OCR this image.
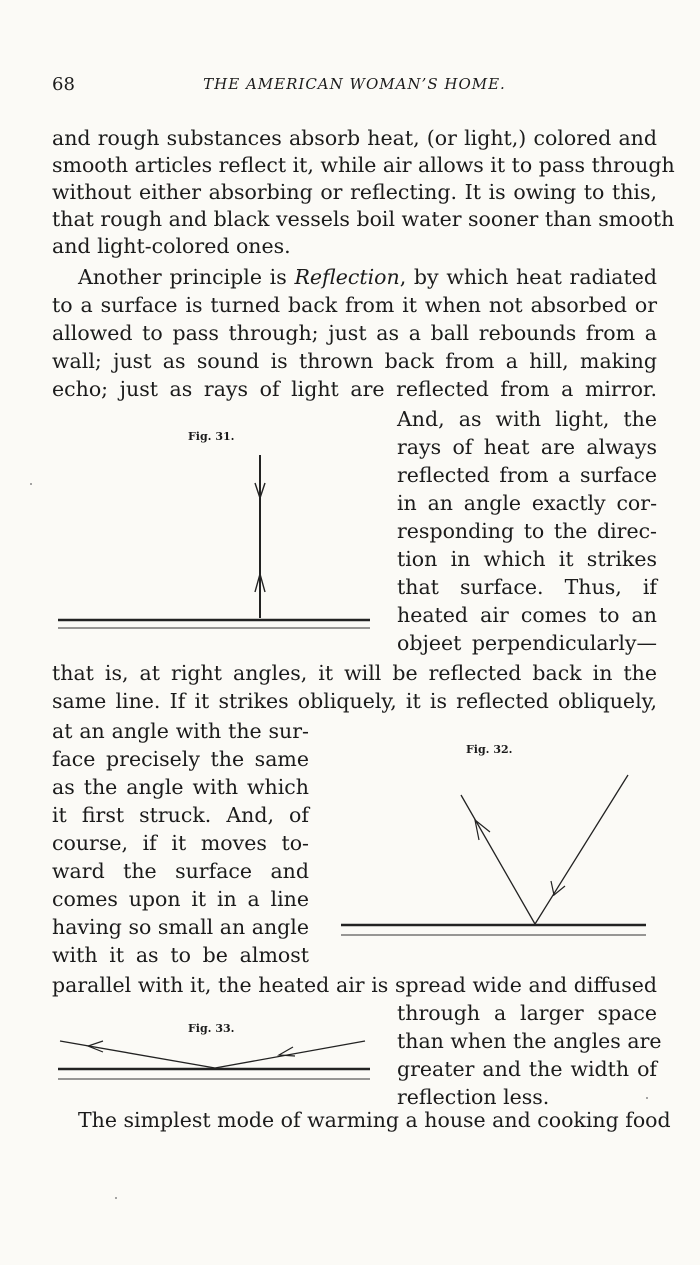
68	THE AMERICAN WOMAN’S HOME.
and rough substances absorb heat, (or light,) colored and
smooth articles reflect it, while air allows it to pass through
without either absorbing or reflecting. It is owing to this,
that rough and black vessels boil water sooner than smooth
and light-colored ones.
Another principle is Reflection, by which heat radiated
to a surface is turned back from it when not absorbed or
allowed to pass through; just as a ball rebounds from a
wall; just as sound is thrown back from a hill, making
echo; just as rays of light are reflected from a mirror.
And, as with light, the
rays of heat are always
reflected from a surface
in an angle exactly cor-
responding to the direc-
tion in which it strikes
that surface. Thus, if
heated air comes to an
objeet perpendicularly—
Fig. 31.
that is, at right angles, it will be reflected back in the
same line. If it strikes obliquely, it is reflected obliquely,
at an angle with the sur-
face precisely the same
as the angle with which
it first struck. And, of
course, if it moves to-
ward the surface and
comes upon it in a line
having so small an angle
with it as to be almost
Fig. 32.
parallel with it, the heated air is spread wide and diffused
through a larger space
than when the angles are
greater and the width of
reflection less.
Fig. 33.
The simplest mode of warming a house and cooking food
